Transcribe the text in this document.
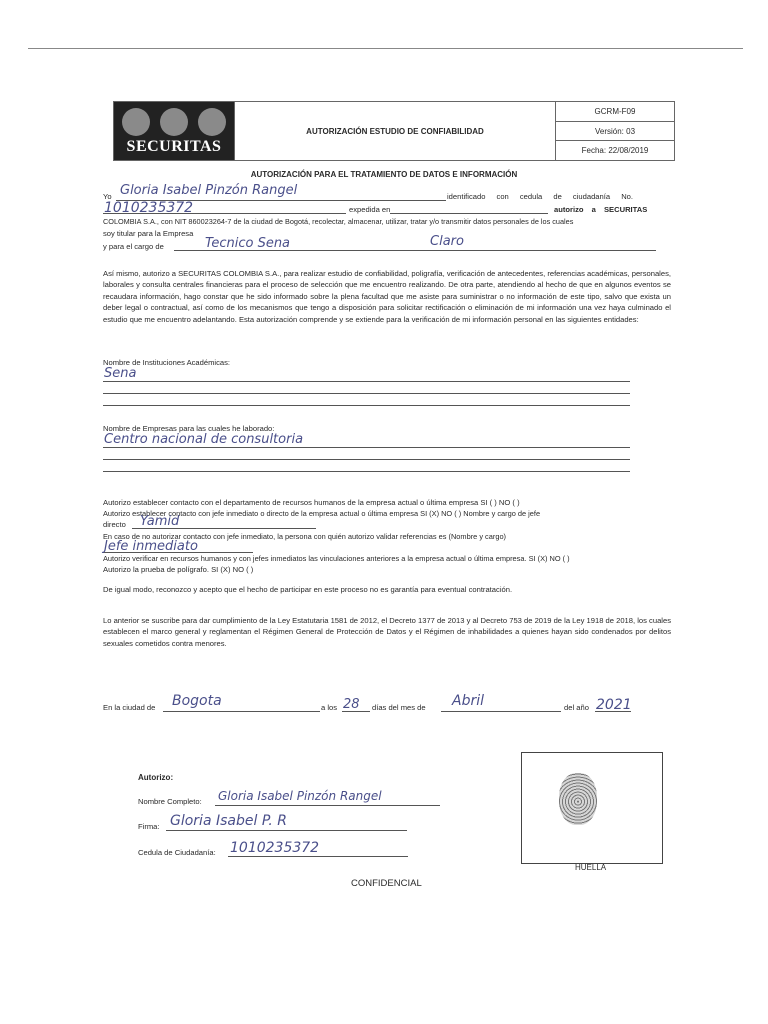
SECURITAS
AUTORIZACIÓN ESTUDIO DE CONFIABILIDAD
GCRM-F09
Versión: 03
Fecha: 22/08/2019
AUTORIZACIÓN PARA EL TRATAMIENTO DE DATOS E INFORMACIÓN
Yo Gloria Isabel Pinzón Rangel	identificado con cedula de ciudadanía No.
1010235372	expedida en	autorizo a SECURITAS
COLOMBIA S.A., con NIT 860023264-7 de la ciudad de Bogotá, recolectar, almacenar, utilizar, tratar y/o transmitir datos personales de los cuales
soy titular para la Empresa
y para el cargo de	Tecnico Sena	Claro
Así mismo, autorizo a SECURITAS COLOMBIA S.A., para realizar estudio de confiabilidad, poligrafía, verificación de antecedentes, referencias académicas, personales, laborales y consulta centrales financieras para el proceso de selección que me encuentro realizando. De otra parte, atendiendo al hecho de que en algunos eventos se recaudara información, hago constar que he sido informado sobre la plena facultad que me asiste para suministrar o no información de este tipo, salvo que exista un deber legal o contractual, así como de los mecanismos que tengo a disposición para solicitar rectificación o eliminación de mi información una vez haya culminado el estudio que me encuentro adelantando. Esta autorización comprende y se extiende para la verificación de mi información personal en las siguientes entidades:
Nombre de Instituciones Académicas:
Sena
Nombre de Empresas para las cuales he laborado:
Centro nacional de consultoria
Autorizo establecer contacto con el departamento de recursos humanos de la empresa actual o última empresa SI ( ) NO ( )
Autorizo establecer contacto con jefe inmediato o directo de la empresa actual o última empresa SI (X) NO ( ) Nombre y cargo de jefe
directo Yamid
En caso de no autorizar contacto con jefe inmediato, la persona con quién autorizo validar referencias es (Nombre y cargo)
Jefe inmediato
Autorizo verificar en recursos humanos y con jefes inmediatos las vinculaciones anteriores a la empresa actual o última empresa. SI (X) NO ( )
Autorizo la prueba de polígrafo. SI (X) NO ( )
De igual modo, reconozco y acepto que el hecho de participar en este proceso no es garantía para eventual contratación.
Lo anterior se suscribe para dar cumplimiento de la Ley Estatutaria 1581 de 2012, el Decreto 1377 de 2013 y al Decreto 753 de 2019 de la Ley 1918 de 2018, los cuales establecen el marco general y reglamentan el Régimen General de Protección de Datos y el Régimen de inhabilidades a quienes hayan sido condenados por delitos sexuales cometidos contra menores.
En la ciudad de Bogota	a los 28 días del mes de Abril	del año 2021
Autorizo:
Nombre Completo: Gloria Isabel Pinzón Rangel
Firma: Gloria Isabel P. R
Cedula de Ciudadanía: 1010235372
HUELLA
CONFIDENCIAL
